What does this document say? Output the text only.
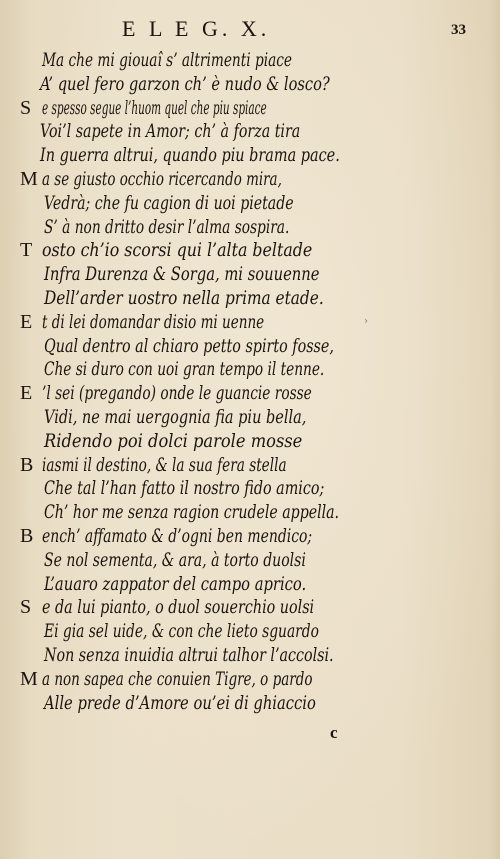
E L E G. X.	33
Ma che mi giouaî s’ altrimenti piace
A’ quel fero garzon ch’ è nudo & losco?
S e spesso segue l’huom quel che piu spiace
Voi’l sapete in Amor; ch’ à forza tira
In guerra altrui, quando piu brama pace.
M a se giusto occhio ricercando mira,
Vedrà; che fu cagion di uoi pietade
S’ à non dritto desir l’alma sospira.
T osto ch’io scorsi qui l’alta beltade
Infra Durenza & Sorga, mi souuenne
Dell’arder uostro nella prima etade.
E t di lei domandar disio mi uenne
Qual dentro al chiaro petto spirto fosse,
Che si duro con uoi gran tempo il tenne.
E ’l sei (pregando) onde le guancie rosse
Vidi, ne mai uergognia fia piu bella,
Ridendo poi dolci parole mosse
B iasmi il destino, & la sua fera stella
Che tal l’han fatto il nostro fido amico;
Ch’ hor me senza ragion crudele appella.
B ench’ affamato & d’ogni ben mendico;
Se nol sementa, & ara, à torto duolsi
L’auaro zappator del campo aprico.
S e da lui pianto, o duol souerchio uolsi
Ei gia sel uide, & con che lieto sguardo
Non senza inuidia altrui talhor l’accolsi.
M a non sapea che conuien Tigre, o pardo
Alle prede d’Amore ou’ei di ghiaccio
›
c
